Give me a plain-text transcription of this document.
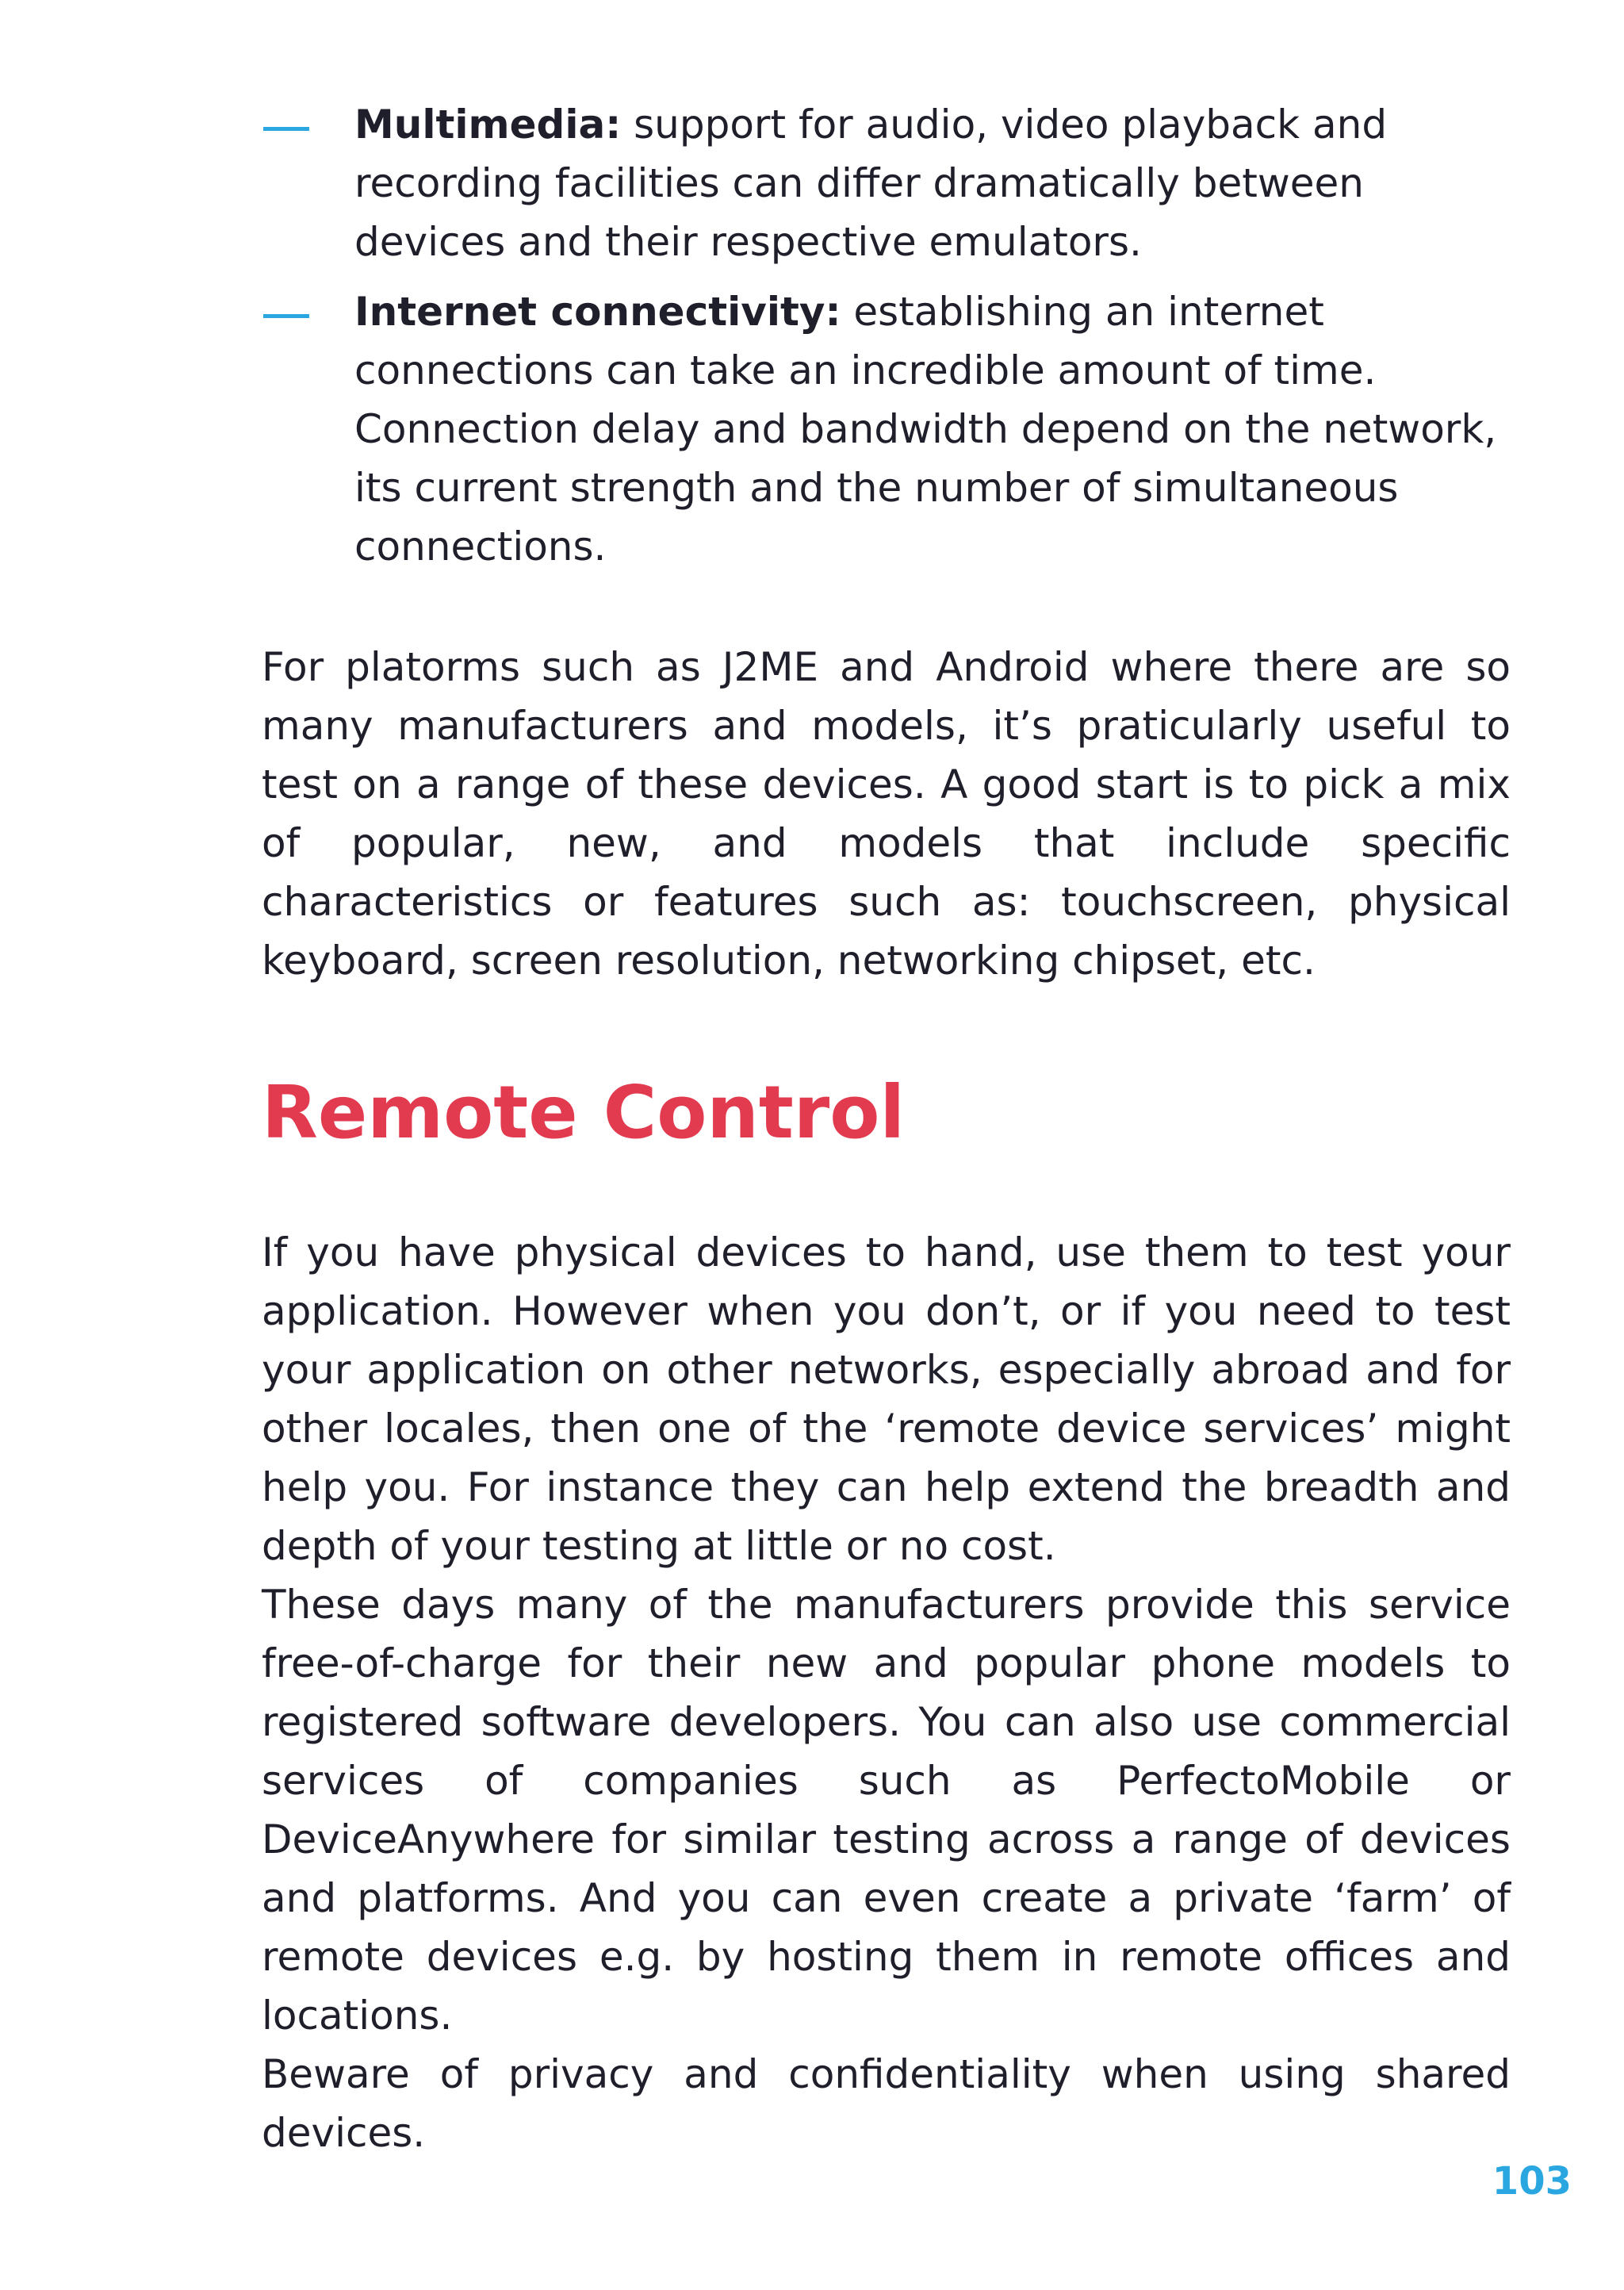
Multimedia: support for audio, video playback and recording facilities can differ dramatically between devices and their respective emulators.
Internet connectivity: establishing an internet connections can take an incredible amount of time. Connection delay and bandwidth depend on the network, its current strength and the number of simultaneous connections.

For platorms such as J2ME and Android where there are so many manufacturers and models, it’s praticularly useful to test on a range of these devices. A good start is to pick a mix of popular, new, and models that include specific characteristics or features such as: touchscreen, physical keyboard, screen resolution, networking chipset, etc.

Remote Control

If you have physical devices to hand, use them to test your application. However when you don’t, or if you need to test your application on other networks, especially abroad and for other locales, then one of the ‘remote device services’ might help you. For instance they can help extend the breadth and depth of your testing at little or no cost.

These days many of the manufacturers provide this service free-of-charge for their new and popular phone models to registered software developers. You can also use commercial services of companies such as PerfectoMobile or DeviceAnywhere for similar testing across a range of devices and platforms. And you can even create a private ‘farm’ of remote devices e.g. by hosting them in remote offices and locations.

Beware of privacy and confidentiality when using shared devices.

103
